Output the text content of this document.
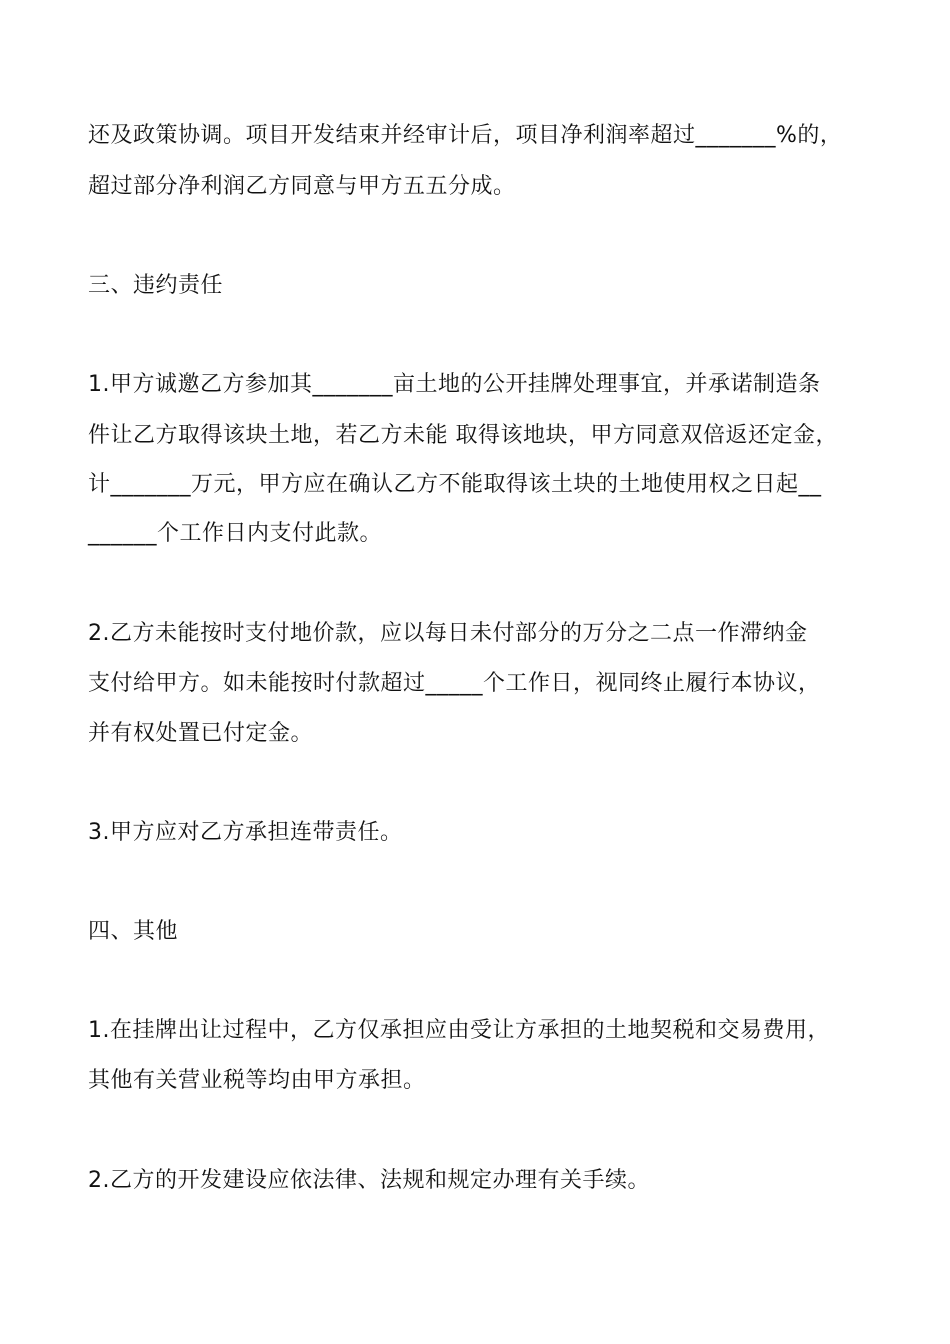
还及政策协调。项目开发结束并经审计后，项目净利润率超过_______%的，
超过部分净利润乙方同意与甲方五五分成。
三、违约责任
1.甲方诚邀乙方参加其_______亩土地的公开挂牌处理事宜，并承诺制造条
件让乙方取得该块土地，若乙方未能 取得该地块，甲方同意双倍返还定金，
计_______万元，甲方应在确认乙方不能取得该土块的土地使用权之日起__
______个工作日内支付此款。
2.乙方未能按时支付地价款，应以每日未付部分的万分之二点一作滞纳金
支付给甲方。如未能按时付款超过_____个工作日，视同终止履行本协议，
并有权处置已付定金。
3.甲方应对乙方承担连带责任。
四、其他
1.在挂牌出让过程中，乙方仅承担应由受让方承担的土地契税和交易费用，
其他有关营业税等均由甲方承担。
2.乙方的开发建设应依法律、法规和规定办理有关手续。
